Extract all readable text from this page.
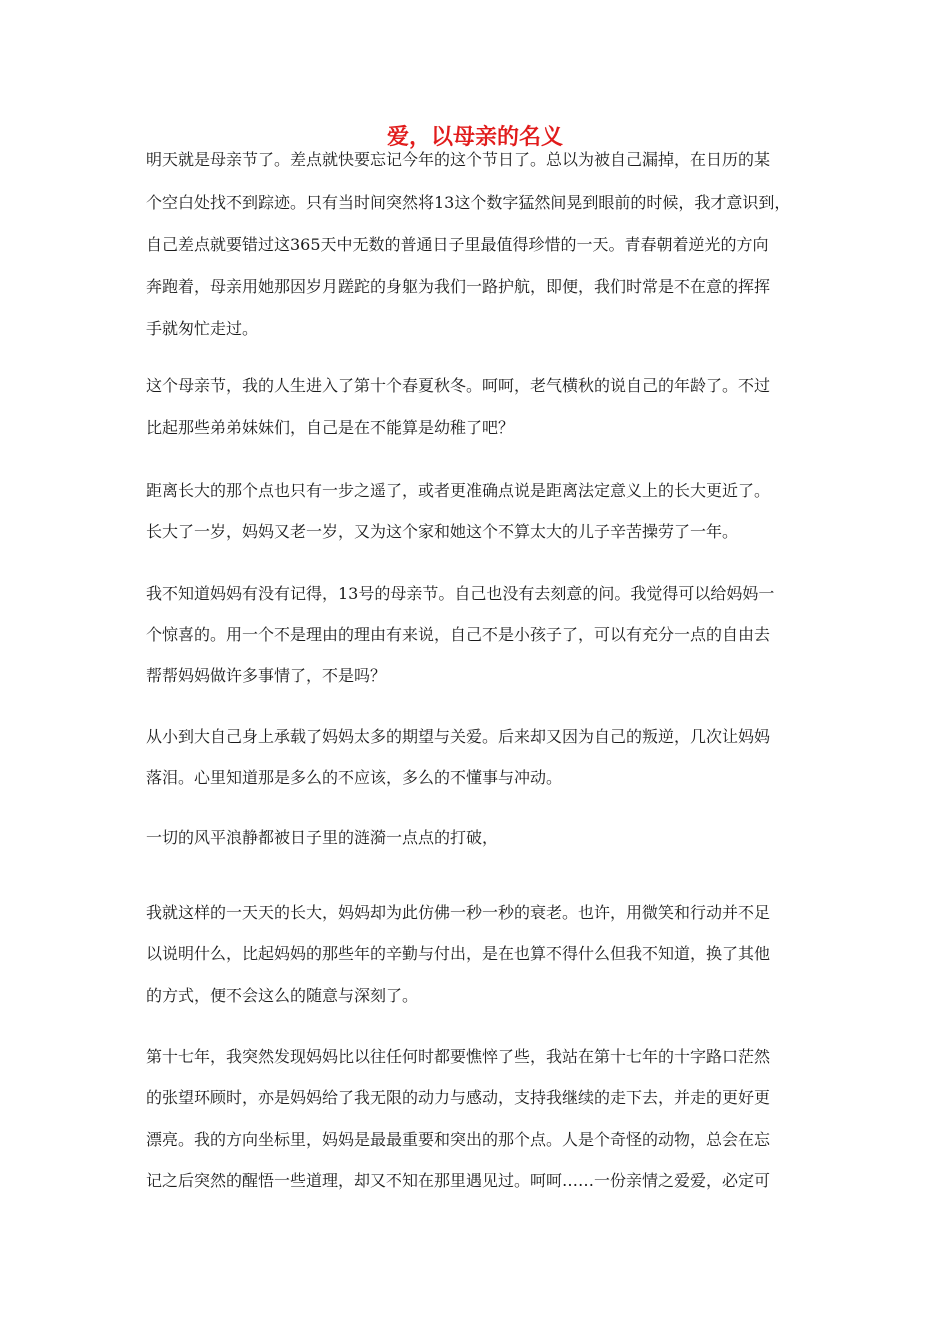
爱，以母亲的名义
明天就是母亲节了。差点就快要忘记今年的这个节日了。总以为被自己漏掉，在日历的某
个空白处找不到踪迹。只有当时间突然将13这个数字猛然间晃到眼前的时候，我才意识到，
自己差点就要错过这365天中无数的普通日子里最值得珍惜的一天。青春朝着逆光的方向
奔跑着，母亲用她那因岁月蹉跎的身躯为我们一路护航，即便，我们时常是不在意的挥挥
手就匆忙走过。
这个母亲节，我的人生进入了第十个春夏秋冬。呵呵，老气横秋的说自己的年龄了。不过
比起那些弟弟妹妹们，自己是在不能算是幼稚了吧？
距离长大的那个点也只有一步之遥了，或者更准确点说是距离法定意义上的长大更近了。
长大了一岁，妈妈又老一岁，又为这个家和她这个不算太大的儿子辛苦操劳了一年。
我不知道妈妈有没有记得，13号的母亲节。自己也没有去刻意的问。我觉得可以给妈妈一
个惊喜的。用一个不是理由的理由有来说，自己不是小孩子了，可以有充分一点的自由去
帮帮妈妈做许多事情了，不是吗？
从小到大自己身上承载了妈妈太多的期望与关爱。后来却又因为自己的叛逆，几次让妈妈
落泪。心里知道那是多么的不应该，多么的不懂事与冲动。
一切的风平浪静都被日子里的涟漪一点点的打破，
我就这样的一天天的长大，妈妈却为此仿佛一秒一秒的衰老。也许，用微笑和行动并不足
以说明什么，比起妈妈的那些年的辛勤与付出，是在也算不得什么但我不知道，换了其他
的方式，便不会这么的随意与深刻了。
第十七年，我突然发现妈妈比以往任何时都要憔悴了些，我站在第十七年的十字路口茫然
的张望环顾时，亦是妈妈给了我无限的动力与感动，支持我继续的走下去，并走的更好更
漂亮。我的方向坐标里，妈妈是最最重要和突出的那个点。人是个奇怪的动物，总会在忘
记之后突然的醒悟一些道理，却又不知在那里遇见过。呵呵……一份亲情之爱爱，必定可
